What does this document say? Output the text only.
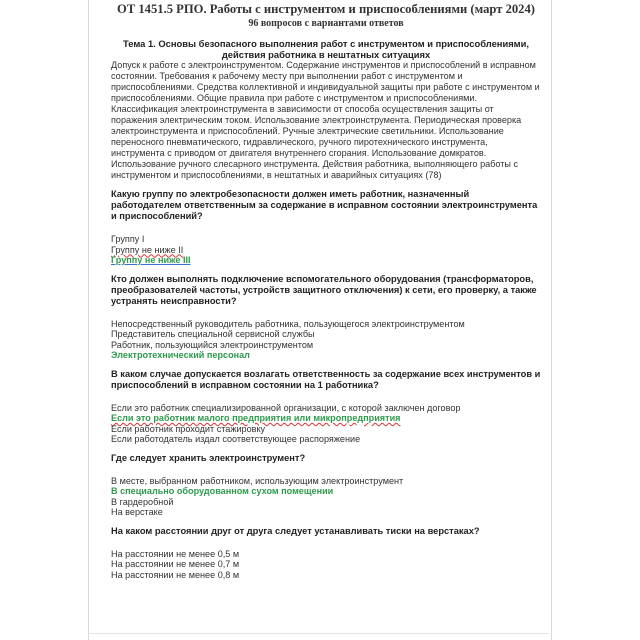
ОТ 1451.5 РПО. Работы с инструментом и приспособлениями (март 2024)
96 вопросов с вариантами ответов
Тема 1. Основы безопасного выполнения работ с инструментом и приспособлениями, действия работника в нештатных ситуациях
Допуск к работе с электроинструментом. Содержание инструментов и приспособлений в исправном состоянии. Требования к рабочему месту при выполнении работ с инструментом и приспособлениями. Средства коллективной и индивидуальной защиты при работе с инструментом и приспособлениями. Общие правила при работе с инструментом и приспособлениями. Классификация электроинструмента в зависимости от способа осуществления защиты от поражения электрическим током. Использование электроинструмента. Периодическая проверка электроинструмента и приспособлений. Ручные электрические светильники. Использование переносного пневматического, гидравлического, ручного пиротехнического инструмента, инструмента с приводом от двигателя внутреннего сгорания. Использование домкратов. Использование ручного слесарного инструмента. Действия работника, выполняющего работы с инструментом и приспособлениями, в нештатных и аварийных ситуациях (78)
Какую группу по электробезопасности должен иметь работник, назначенный работодателем ответственным за содержание в исправном состоянии электроинструмента и приспособлений?
Группу I
Группу не ниже II
Группу не ниже III
Кто должен выполнять подключение вспомогательного оборудования (трансформаторов, преобразователей частоты, устройств защитного отключения) к сети, его проверку, а также устранять неисправности?
Непосредственный руководитель работника, пользующегося электроинструментом
Представитель специальной сервисной службы
Работник, пользующийся электроинструментом
Электротехнический персонал
В каком случае допускается возлагать ответственность за содержание всех инструментов и приспособлений в исправном состоянии на 1 работника?
Если это работник специализированной организации, с которой заключен договор
Если это работник малого предприятия или микропредприятия
Если работник проходит стажировку
Если работодатель издал соответствующее распоряжение
Где следует хранить электроинструмент?
В месте, выбранном работником, использующим электроинструмент
В специально оборудованном сухом помещении
В гардеробной
На верстаке
На каком расстоянии друг от друга следует устанавливать тиски на верстаках?
На расстоянии не менее 0,5 м
На расстоянии не менее 0,7 м
На расстоянии не менее 0,8 м
